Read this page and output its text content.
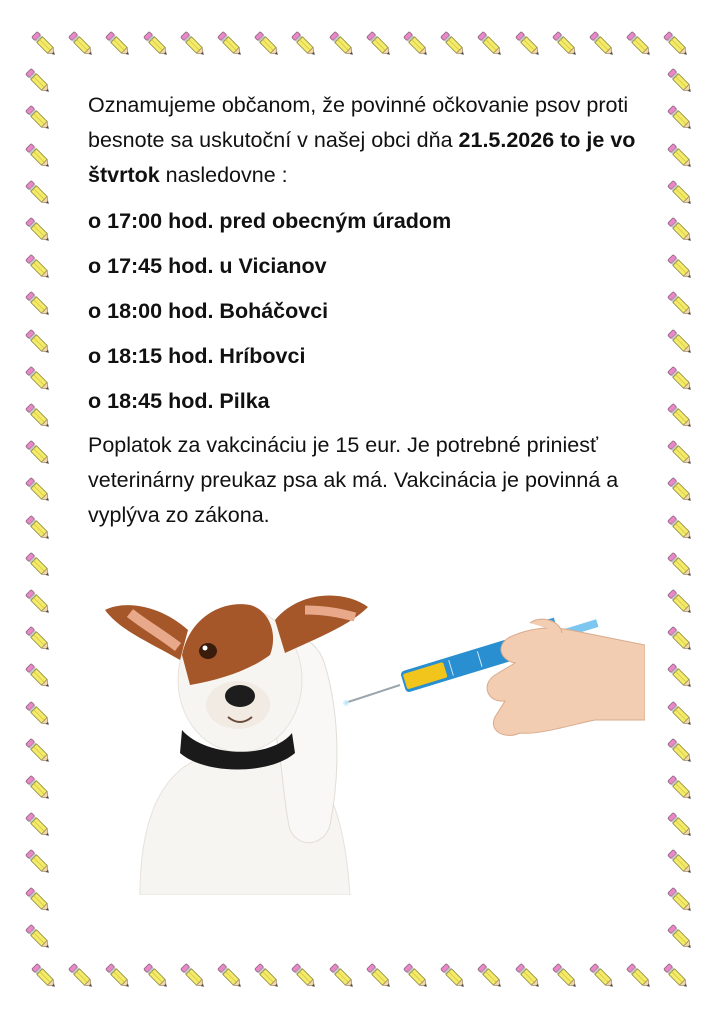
Oznamujeme občanom, že povinné očkovanie psov proti besnote sa uskutoční v našej obci dňa 21.5.2026 to je vo štvrtok nasledovne :

o 17:00 hod. pred obecným úradom

o 17:45 hod. u Vicianov

o 18:00 hod. Boháčovci

o 18:15 hod. Hríbovci

o 18:45 hod. Pilka

Poplatok za vakcináciu je 15 eur. Je potrebné priniesť veterinárny preukaz psa ak má. Vakcinácia je povinná a vyplýva zo zákona.
